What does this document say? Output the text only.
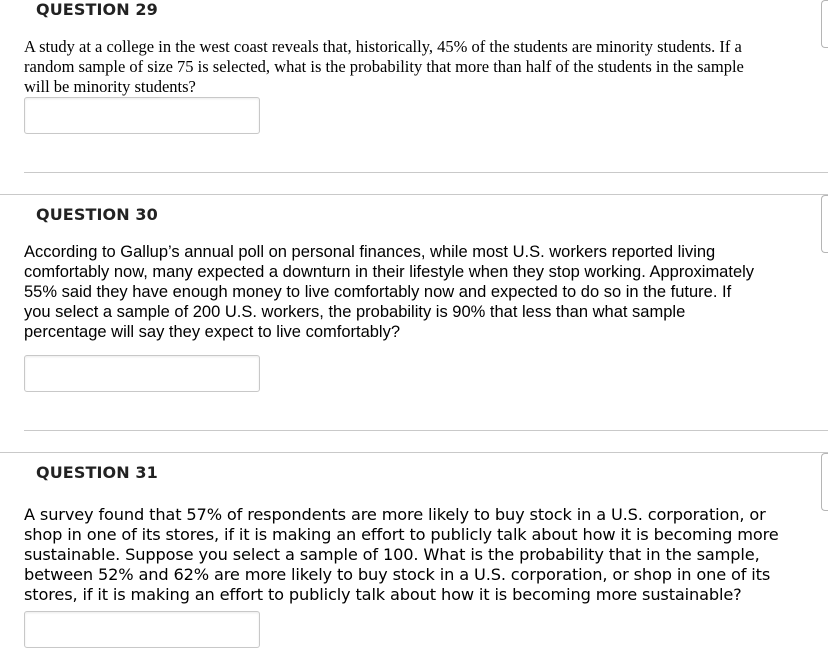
QUESTION 29
A study at a college in the west coast reveals that, historically, 45% of the students are minority students. If a
random sample of size 75 is selected, what is the probability that more than half of the students in the sample
will be minority students?
QUESTION 30
According to Gallup’s annual poll on personal finances, while most U.S. workers reported living
comfortably now, many expected a downturn in their lifestyle when they stop working. Approximately
55% said they have enough money to live comfortably now and expected to do so in the future. If
you select a sample of 200 U.S. workers, the probability is 90% that less than what sample
percentage will say they expect to live comfortably?
QUESTION 31
A survey found that 57% of respondents are more likely to buy stock in a U.S. corporation, or
shop in one of its stores, if it is making an effort to publicly talk about how it is becoming more
sustainable. Suppose you select a sample of 100. What is the probability that in the sample,
between 52% and 62% are more likely to buy stock in a U.S. corporation, or shop in one of its
stores, if it is making an effort to publicly talk about how it is becoming more sustainable?
